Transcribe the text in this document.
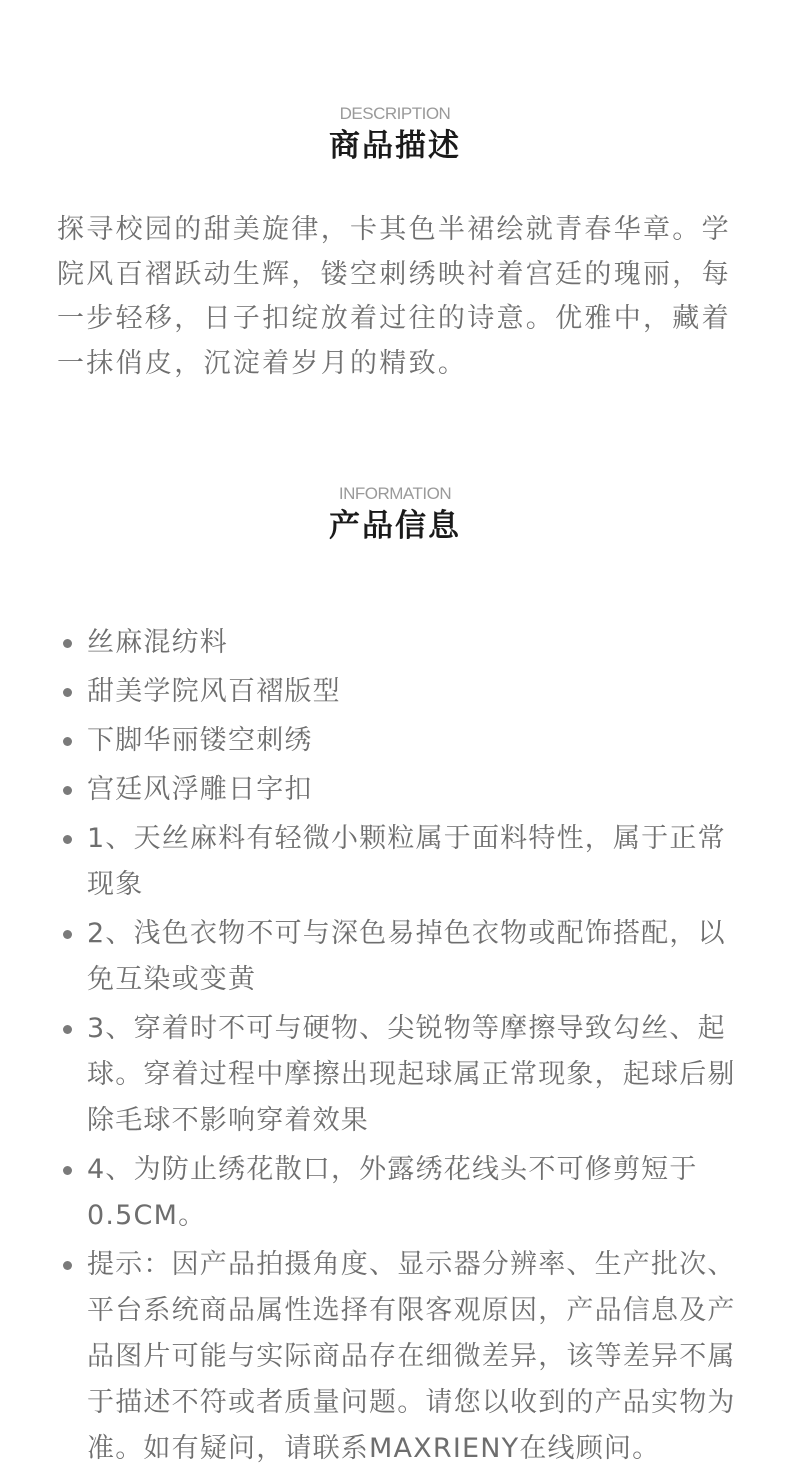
DESCRIPTION
商品描述
探寻校园的甜美旋律，卡其色半裙绘就青春华章。学院风百褶跃动生辉，镂空刺绣映衬着宫廷的瑰丽，每一步轻移，日子扣绽放着过往的诗意。优雅中，藏着一抹俏皮，沉淀着岁月的精致。
INFORMATION
产品信息
丝麻混纺料
甜美学院风百褶版型
下脚华丽镂空刺绣
宫廷风浮雕日字扣
1、天丝麻料有轻微小颗粒属于面料特性，属于正常现象
2、浅色衣物不可与深色易掉色衣物或配饰搭配，以免互染或变黄
3、穿着时不可与硬物、尖锐物等摩擦导致勾丝、起球。穿着过程中摩擦出现起球属正常现象，起球后剔除毛球不影响穿着效果
4、为防止绣花散口，外露绣花线头不可修剪短于0.5CM。
提示：因产品拍摄角度、显示器分辨率、生产批次、平台系统商品属性选择有限客观原因，产品信息及产品图片可能与实际商品存在细微差异，该等差异不属于描述不符或者质量问题。请您以收到的产品实物为准。如有疑问，请联系MAXRIENY在线顾问。
